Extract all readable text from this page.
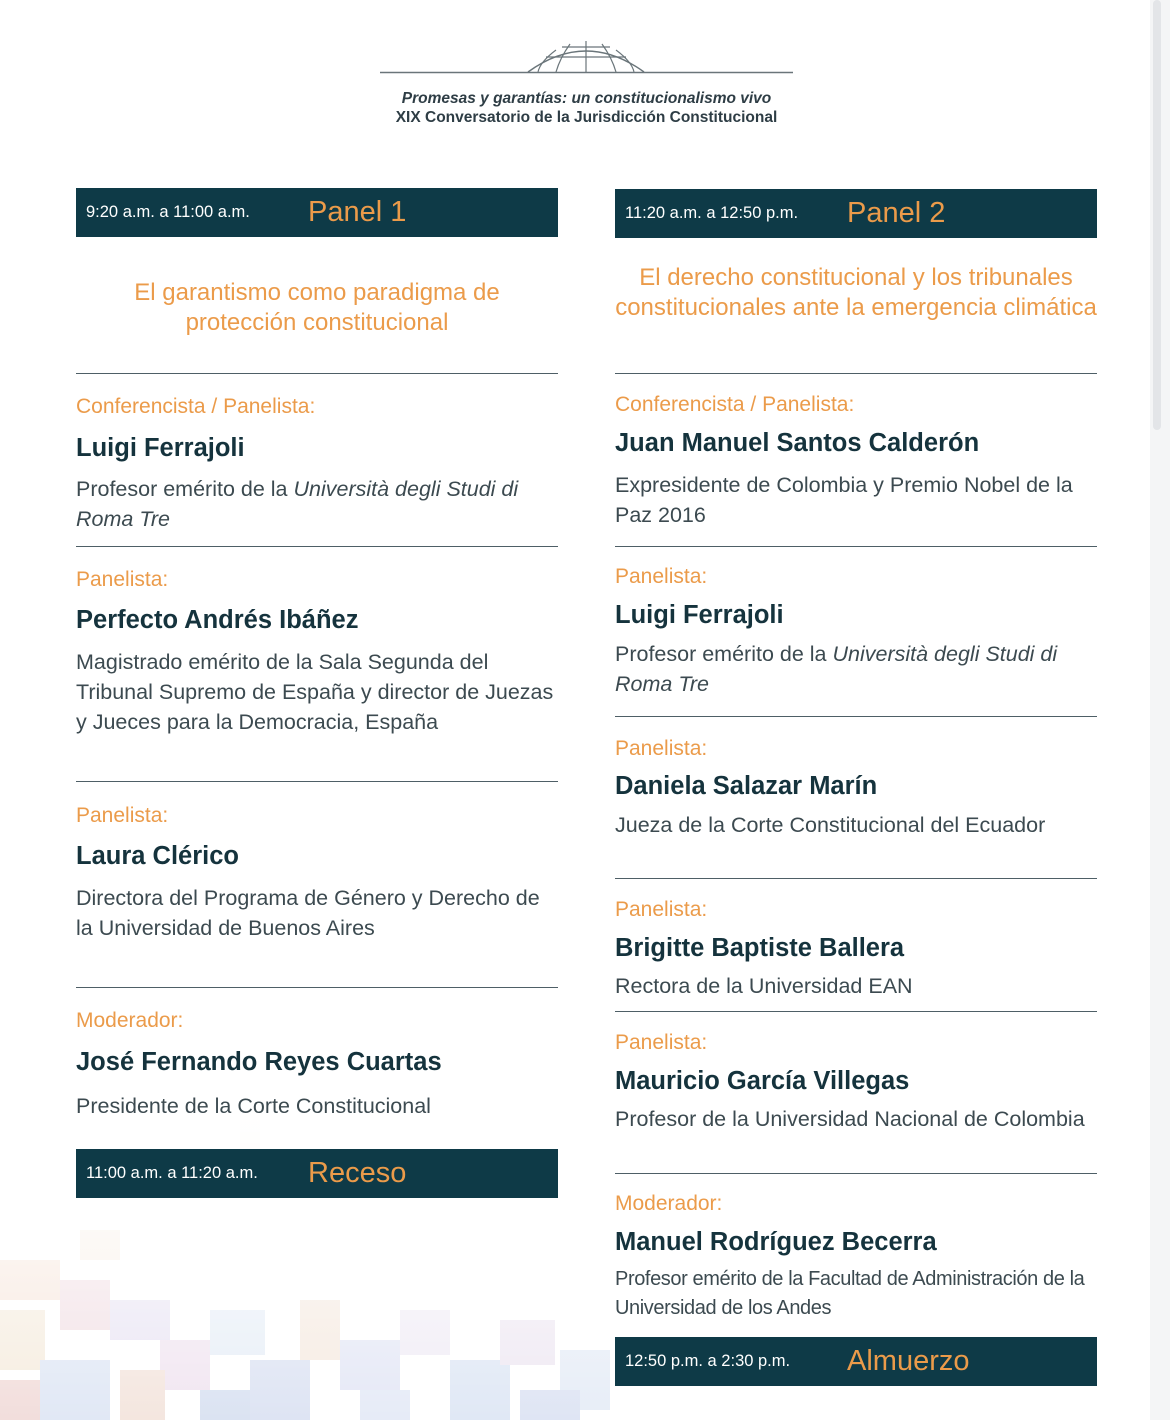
Promesas y garantías: un constitucionalismo vivo
XIX Conversatorio de la Jurisdicción Constitucional
9:20 a.m. a 11:00 a.m. Panel 1
El garantismo como paradigma de protección constitucional
Conferencista / Panelista:
Luigi Ferrajoli
Profesor emérito de la Università degli Studi di Roma Tre
Panelista:
Perfecto Andrés Ibáñez
Magistrado emérito de la Sala Segunda del Tribunal Supremo de España y director de Juezas y Jueces para la Democracia, España
Panelista:
Laura Clérico
Directora del Programa de Género y Derecho de la Universidad de Buenos Aires
Moderador:
José Fernando Reyes Cuartas
Presidente de la Corte Constitucional
11:00 a.m. a 11:20 a.m. Receso
11:20 a.m. a 12:50 p.m. Panel 2
El derecho constitucional y los tribunales constitucionales ante la emergencia climática
Conferencista / Panelista:
Juan Manuel Santos Calderón
Expresidente de Colombia y Premio Nobel de la Paz 2016
Panelista:
Luigi Ferrajoli
Profesor emérito de la Università degli Studi di Roma Tre
Panelista:
Daniela Salazar Marín
Jueza de la Corte Constitucional del Ecuador
Panelista:
Brigitte Baptiste Ballera
Rectora de la Universidad EAN
Panelista:
Mauricio García Villegas
Profesor de la Universidad Nacional de Colombia
Moderador:
Manuel Rodríguez Becerra
Profesor emérito de la Facultad de Administración de la Universidad de los Andes
12:50 p.m. a 2:30 p.m. Almuerzo
